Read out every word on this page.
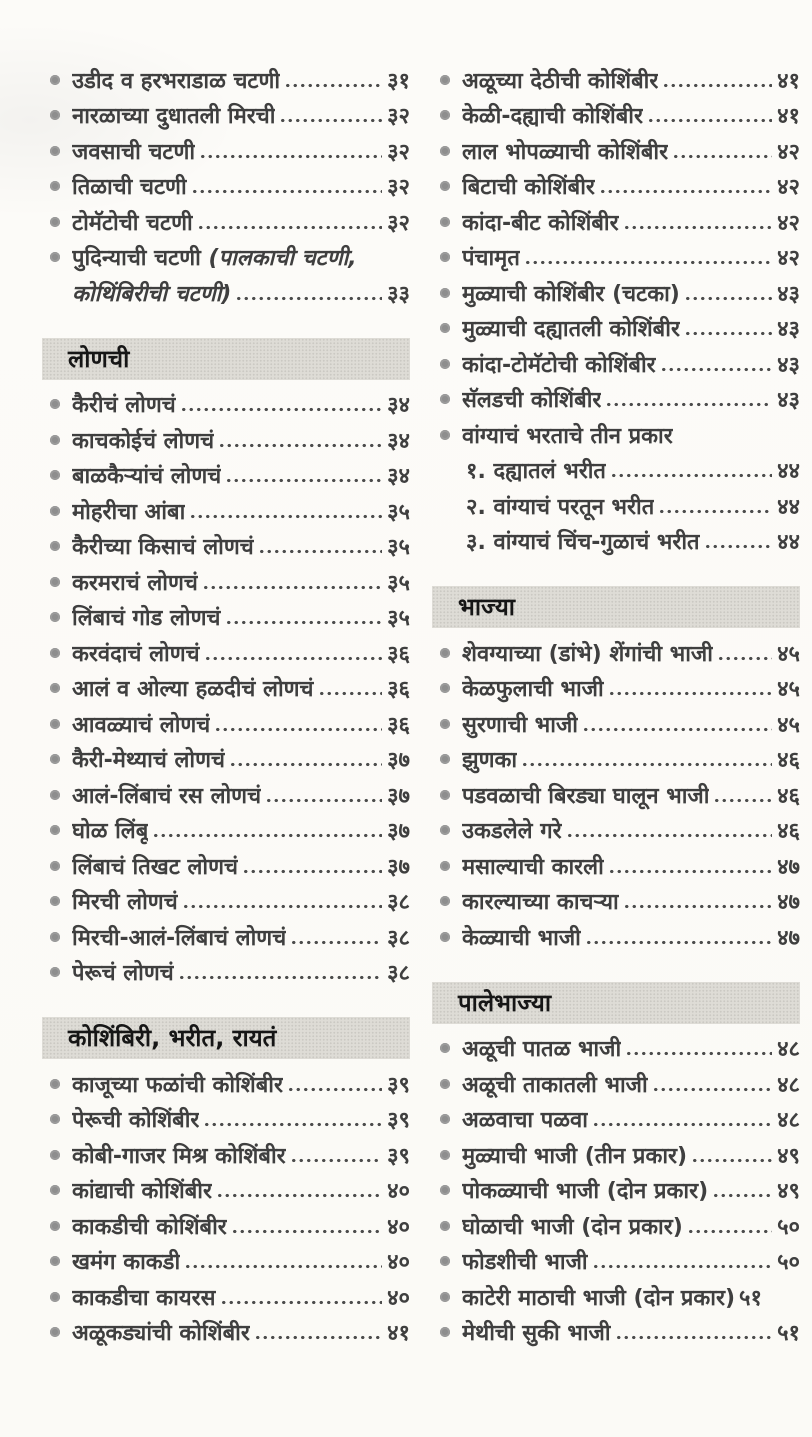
उडीद व हरभराडाळ चटणी	३१
नारळाच्या दुधातली मिरची	३२
जवसाची चटणी	३२
तिळाची चटणी	३२
टोमॅटोची चटणी	३२
पुदिन्याची चटणी (पालकाची चटणी,
कोथिंबिरीची चटणी)	३३
लोणची
कैरीचं लोणचं	३४
काचकोईचं लोणचं	३४
बाळकैऱ्यांचं लोणचं	३४
मोहरीचा आंबा	३५
कैरीच्या किसाचं लोणचं	३५
करमराचं लोणचं	३५
लिंबाचं गोड लोणचं	३५
करवंदाचं लोणचं	३६
आलं व ओल्या हळदीचं लोणचं	३६
आवळ्याचं लोणचं	३६
कैरी-मेथ्याचं लोणचं	३७
आलं-लिंबाचं रस लोणचं	३७
घोळ लिंबू	३७
लिंबाचं तिखट लोणचं	३७
मिरची लोणचं	३८
मिरची-आलं-लिंबाचं लोणचं	३८
पेरूचं लोणचं	३८
कोशिंबिरी, भरीत, रायतं
काजूच्या फळांची कोशिंबीर	३९
पेरूची कोशिंबीर	३९
कोबी-गाजर मिश्र कोशिंबीर	३९
कांद्याची कोशिंबीर	४०
काकडीची कोशिंबीर	४०
खमंग काकडी	४०
काकडीचा कायरस	४०
अळूकड्यांची कोशिंबीर	४१
अळूच्या देठीची कोशिंबीर	४१
केळी-दह्याची कोशिंबीर	४१
लाल भोपळ्याची कोशिंबीर	४२
बिटाची कोशिंबीर	४२
कांदा-बीट कोशिंबीर	४२
पंचामृत	४२
मुळ्याची कोशिंबीर (चटका)	४३
मुळ्याची दह्यातली कोशिंबीर	४३
कांदा-टोमॅटोची कोशिंबीर	४३
सॅलडची कोशिंबीर	४३
वांग्याचं भरताचे तीन प्रकार
१. दह्यातलं भरीत	४४
२. वांग्याचं परतून भरीत	४४
३. वांग्याचं चिंच-गुळाचं भरीत	४४
भाज्या
शेवग्याच्या (डांभे) शेंगांची भाजी	४५
केळफुलाची भाजी	४५
सुरणाची भाजी	४५
झुणका	४६
पडवळाची बिरड्या घालून भाजी	४६
उकडलेले गरे	४६
मसाल्याची कारली	४७
कारल्याच्या काचऱ्या	४७
केळ्याची भाजी	४७
पालेभाज्या
अळूची पातळ भाजी	४८
अळूची ताकातली भाजी	४८
अळवाचा पळवा	४८
मुळ्याची भाजी (तीन प्रकार)	४९
पोकळ्याची भाजी (दोन प्रकार)	४९
घोळाची भाजी (दोन प्रकार)	५०
फोडशीची भाजी	५०
काटेरी माठाची भाजी (दोन प्रकार) ५१
मेथीची सुकी भाजी	५१
